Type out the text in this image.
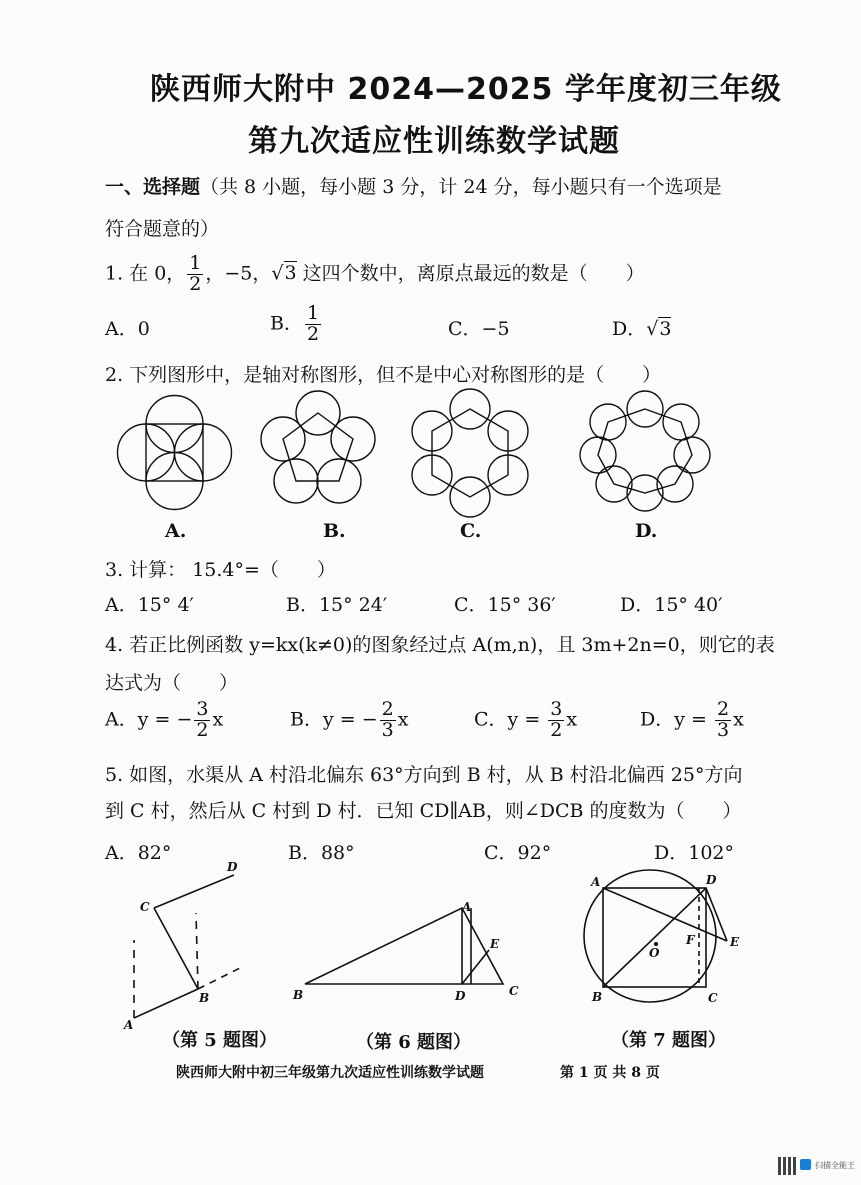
陕西师大附中 2024—2025 学年度初三年级
第九次适应性训练数学试题
一、选择题（共 8 小题，每小题 3 分，计 24 分，每小题只有一个选项是
符合题意的）
1. 在 0， $\frac{1}{2}$ ，−5，√3 这四个数中，离原点最远的数是（　　）
A．0	B． $\frac{1}{2}$	C．−5	D．√3
2. 下列图形中，是轴对称图形，但不是中心对称图形的是（　　）
A.	B.	C.	D.
3. 计算： 15.4°=（　　）
A．15° 4′	B．15° 24′	C．15° 36′	D．15° 40′
4. 若正比例函数 y=kx(k≠0)的图象经过点 A(m,n)，且 3m+2n=0，则它的表
达式为（　　）
A．y = − $\frac{3}{2}$ x	B．y = − $\frac{2}{3}$ x	C．$y = \frac{3}{2}$ x	D．$y = \frac{2}{3}$ x
5. 如图，水渠从 A 村沿北偏东 63°方向到 B 村，从 B 村沿北偏西 25°方向
到 C 村，然后从 C 村到 D 村．已知 CD∥AB，则∠DCB 的度数为（　　）
A．82°	B．88°	C．92°	D．102°
A
B
C
D
B
A
C
D
E
A
B	C
D
E
F
O
（第 5 题图）	（第 6 题图）	（第 7 题图）
陕西师大附中初三年级第九次适应性训练数学试题	第 1 页 共 8 页
扫描全能王
